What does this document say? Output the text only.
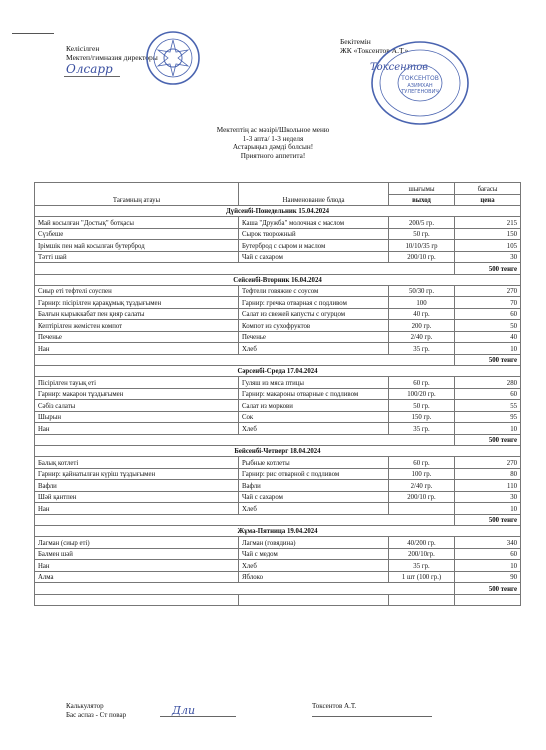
Келісілген
Мектеп/гимназия директоры
Олсарр
Бекітемін
ЖК «Токсентов А.Т.»
Токсентов
ТОКСЕНТОВ
АЗИМХАН
ТУЛЕГЕНОВИЧ
Мектептің ас мәзірі/Школьное меню
1-3 апта/ 1-3 неделя
Астарыңыз дәмді болсын!
Приятного аппетита!
Тағамның атауы	Наименование блюда	шығымы	бағасы
		выход	цена
Дүйсенбі-Понедельник 15.04.2024			
Май косылған "Достық" ботқасы	Каша "Дружба" молочная с маслом	200/5 гр.	215
Сүзбеше	Сырок творожный	50 гр.	150
Ірімшік пен май косылған бутерброд	Бутерброд с сыром и маслом	10/10/35 гр	105
Тәтті шай	Чай с сахаром	200/10 гр.	30
			500 тенге
Сейсенбі-Вторник 16.04.2024			
Сиыр еті тефтелі соуспен	Тефтели говяжие с соусом	50/30 гр.	270
Гарнир: пісірілген қарақұмық тұздығымен	Гарнир: гречка отварная с подливом	100	70
Балғын кырыккабат пен қияр салаты	Салат из свежей капусты с огурцом	40 гр.	60
Кептірілген жемістен компот	Компот из сухофруктов	200 гр.	50
Печенье	Печенье	2/40 гр.	40
Нан	Хлеб	35 гр.	10
			500 тенге
Сәрсенбі-Среда 17.04.2024			
Пісірілген тауық еті	Гуляш из мяса птицы	60 гр.	280
Гарнир: макарон тұздығымен	Гарнир: макароны отварные с подливом	100/20 гр.	60
Сәбіз салаты	Салат из моркови	50 гр.	55
Шырын	Сок	150 гр.	95
Нан	Хлеб	35 гр.	10
			500 тенге
Бейсенбі-Четверг 18.04.2024			
Балық котлеті	Рыбные котлеты	60 гр.	270
Гарнир: қайнатылған күріш тұздығымен	Гарнир: рис отварной с подливом	100 гр.	80
Вафли	Вафли	2/40 гр.	110
Шәй қантпен	Чай с сахаром	200/10 гр.	30
Нан	Хлеб		10
			500 тенге
Жұма-Пятница 19.04.2024			
Лагман (сиыр еті)	Лагман (говядина)	40/200 гр.	340
Балмен шәй	Чай с медом	200/10гр.	60
Нан	Хлеб	35 гр.	10
Алма	Яблоко	1 шт (100 гр.)	90
			500 тенге

Калькулятор
Бас аспаз - Ст повар	Дли	Токсентов А.Т.
